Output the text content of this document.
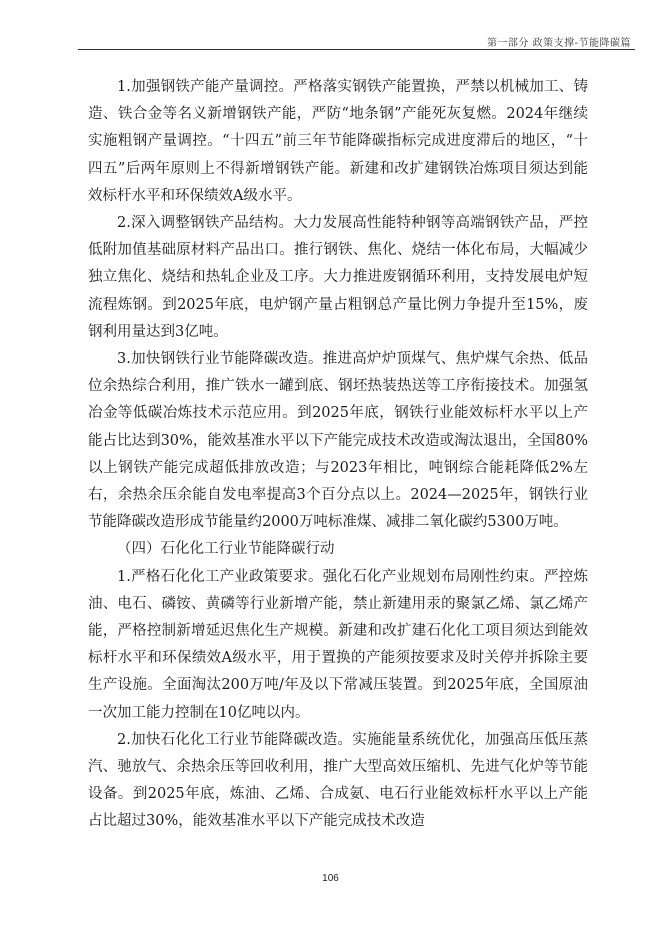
第一部分 政策支撑-节能降碳篇

1.加强钢铁产能产量调控。严格落实钢铁产能置换，严禁以机械加工、铸造、铁合金等名义新增钢铁产能，严防“地条钢”产能死灰复燃。2024年继续实施粗钢产量调控。“十四五”前三年节能降碳指标完成进度滞后的地区，“十四五”后两年原则上不得新增钢铁产能。新建和改扩建钢铁冶炼项目须达到能效标杆水平和环保绩效A级水平。

2.深入调整钢铁产品结构。大力发展高性能特种钢等高端钢铁产品，严控低附加值基础原材料产品出口。推行钢铁、焦化、烧结一体化布局，大幅减少独立焦化、烧结和热轧企业及工序。大力推进废钢循环利用，支持发展电炉短流程炼钢。到2025年底，电炉钢产量占粗钢总产量比例力争提升至15%，废钢利用量达到3亿吨。

3.加快钢铁行业节能降碳改造。推进高炉炉顶煤气、焦炉煤气余热、低品位余热综合利用，推广铁水一罐到底、钢坯热装热送等工序衔接技术。加强氢冶金等低碳冶炼技术示范应用。到2025年底，钢铁行业能效标杆水平以上产能占比达到30%，能效基准水平以下产能完成技术改造或淘汰退出，全国80%以上钢铁产能完成超低排放改造；与2023年相比，吨钢综合能耗降低2%左右，余热余压余能自发电率提高3个百分点以上。2024—2025年，钢铁行业节能降碳改造形成节能量约2000万吨标准煤、减排二氧化碳约5300万吨。

（四）石化化工行业节能降碳行动

1.严格石化化工产业政策要求。强化石化产业规划布局刚性约束。严控炼油、电石、磷铵、黄磷等行业新增产能，禁止新建用汞的聚氯乙烯、氯乙烯产能，严格控制新增延迟焦化生产规模。新建和改扩建石化化工项目须达到能效标杆水平和环保绩效A级水平，用于置换的产能须按要求及时关停并拆除主要生产设施。全面淘汰200万吨/年及以下常减压装置。到2025年底，全国原油一次加工能力控制在10亿吨以内。

2.加快石化化工行业节能降碳改造。实施能量系统优化，加强高压低压蒸汽、驰放气、余热余压等回收利用，推广大型高效压缩机、先进气化炉等节能设备。到2025年底，炼油、乙烯、合成氨、电石行业能效标杆水平以上产能占比超过30%，能效基准水平以下产能完成技术改造

106
